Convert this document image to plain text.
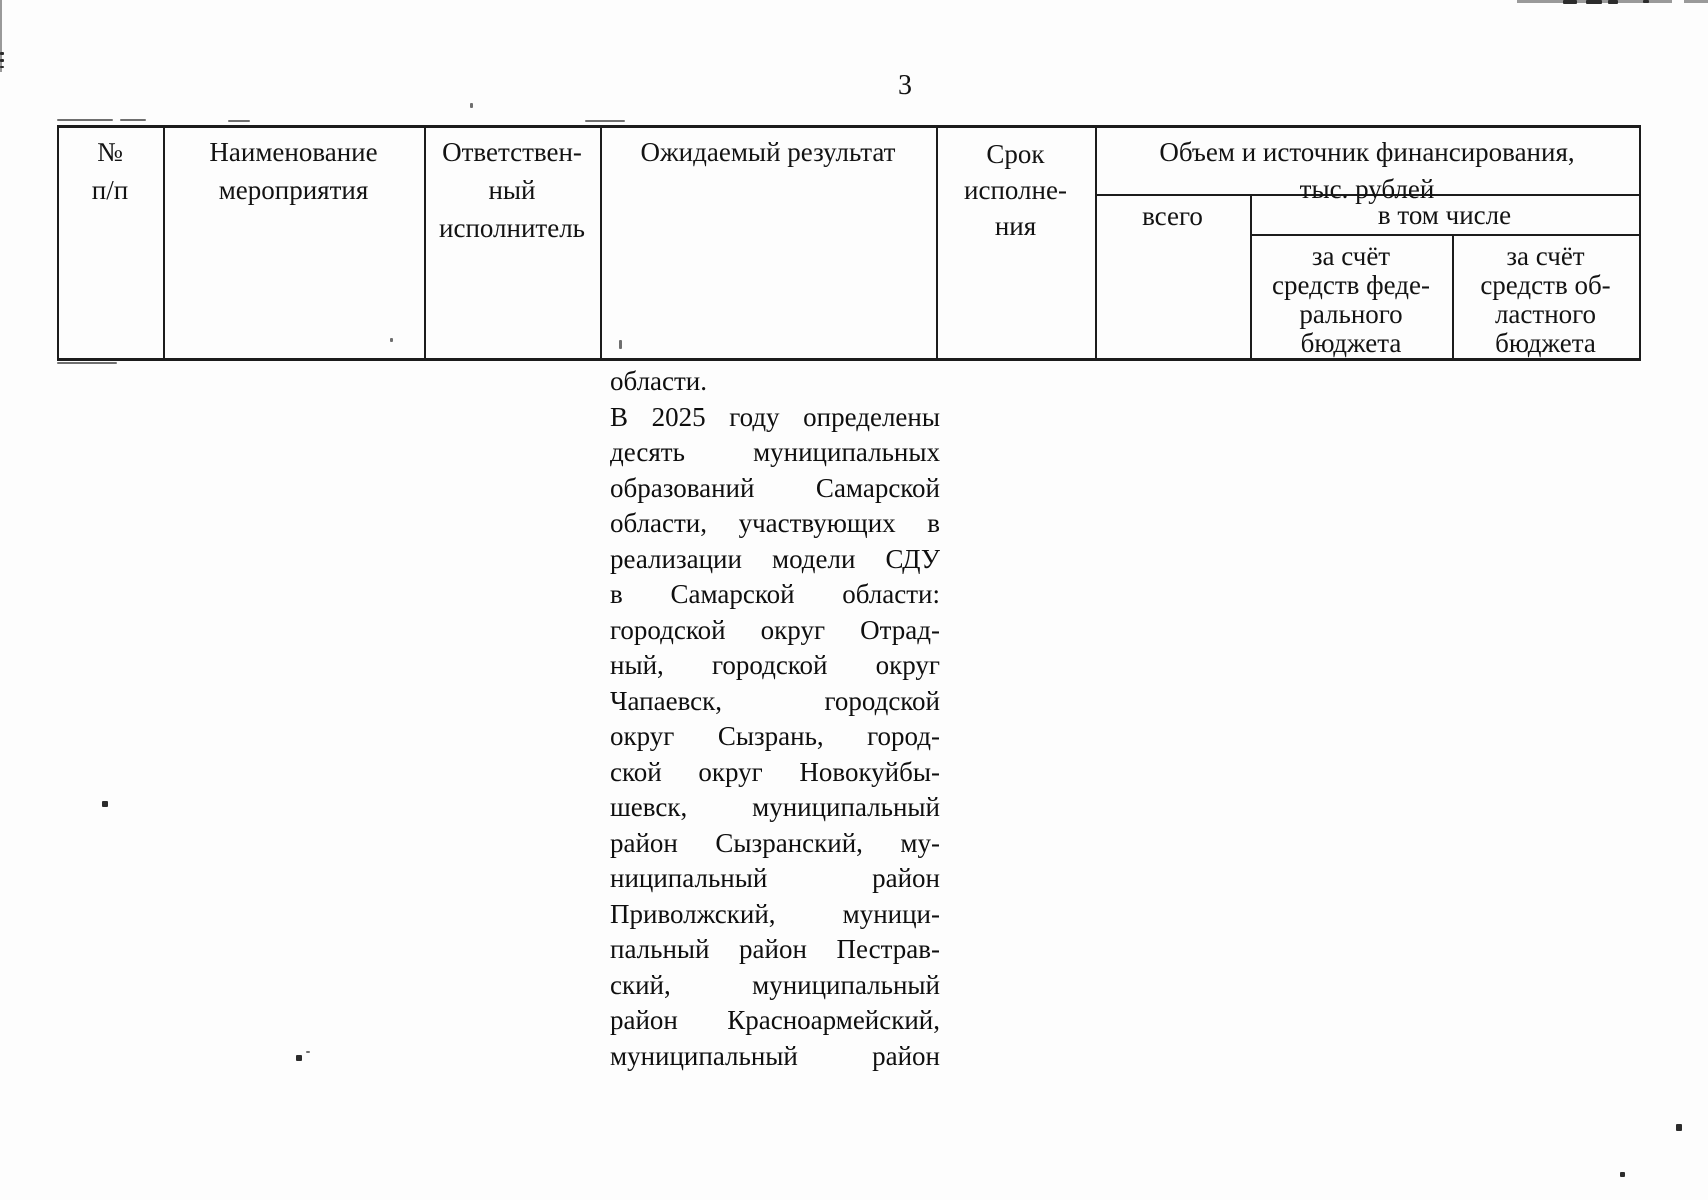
3
№
п/п
Наименование
мероприятия
Ответствен-
ный
исполнитель
Ожидаемый результат	Срок
исполне-
ния
Объем и источник финансирования,
тыс. рублей
всего	в том числе
за счёт
средств феде-
рального
бюджета
за счёт
средств об-
ластного
бюджета
области.
В 2025 году определены
десять муниципальных
образований Самарской
области, участвующих в
реализации модели СДУ
в Самарской области:
городской округ Отрад-
ный, городской округ
Чапаевск, городской
округ Сызрань, город-
ской округ Новокуйбы-
шевск, муниципальный
район Сызранский, му-
ниципальный район
Приволжский, муници-
пальный район Пестрав-
ский, муниципальный
район Красноармейский,
муниципальный район
